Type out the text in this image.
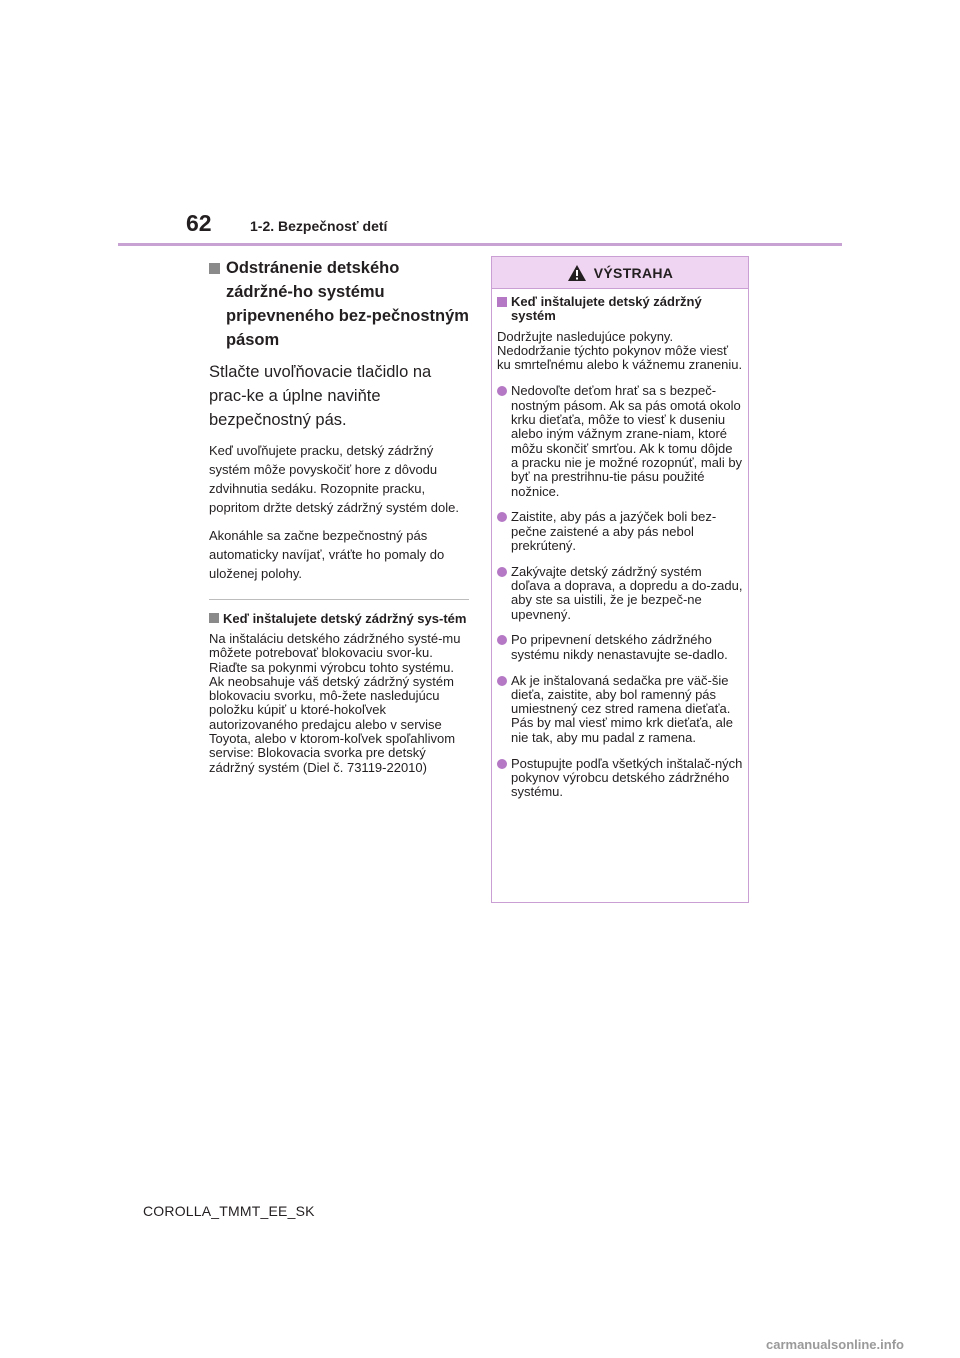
62	1-2. Bezpečnosť detí
Odstránenie detského zádržné-ho systému pripevneného bez-pečnostným pásom
Stlačte uvoľňovacie tlačidlo na prac-ke a úplne naviňte bezpečnostný pás.
Keď uvoľňujete pracku, detský zádržný systém môže povyskočiť hore z dôvodu zdvihnutia sedáku. Rozopnite pracku, popritom držte detský zádržný systém dole.
Akonáhle sa začne bezpečnostný pás automaticky navíjať, vráťte ho pomaly do uloženej polohy.
Keď inštalujete detský zádržný sys-tém
Na inštaláciu detského zádržného systé-mu môžete potrebovať blokovaciu svor-ku. Riaďte sa pokynmi výrobcu tohto systému. Ak neobsahuje váš detský zádržný systém blokovaciu svorku, mô-žete nasledujúcu položku kúpiť u ktoré-hokoľvek autorizovaného predajcu alebo v servise Toyota, alebo v ktorom-koľvek spoľahlivom servise: Blokovacia svorka pre detský zádržný systém (Diel č. 73119-22010)
VÝSTRAHA
Keď inštalujete detský zádržný systém
Dodržujte nasledujúce pokyny. Nedodržanie týchto pokynov môže viesť ku smrteľnému alebo k vážnemu zraneniu.
Nedovoľte deťom hrať sa s bezpeč-nostným pásom. Ak sa pás omotá okolo krku dieťaťa, môže to viesť k duseniu alebo iným vážnym zrane-niam, ktoré môžu skončiť smrťou. Ak k tomu dôjde a pracku nie je možné rozopnúť, mali by byť na prestrihnu-tie pásu použité nožnice.
Zaistite, aby pás a jazýček boli bez-pečne zaistené a aby pás nebol prekrútený.
Zakývajte detský zádržný systém doľava a doprava, a dopredu a do-zadu, aby ste sa uistili, že je bezpeč-ne upevnený.
Po pripevnení detského zádržného systému nikdy nenastavujte se-dadlo.
Ak je inštalovaná sedačka pre väč-šie dieťa, zaistite, aby bol ramenný pás umiestnený cez stred ramena dieťaťa. Pás by mal viesť mimo krk dieťaťa, ale nie tak, aby mu padal z ramena.
Postupujte podľa všetkých inštalač-ných pokynov výrobcu detského zádržného systému.
COROLLA_TMMT_EE_SK
carmanualsonline.info
